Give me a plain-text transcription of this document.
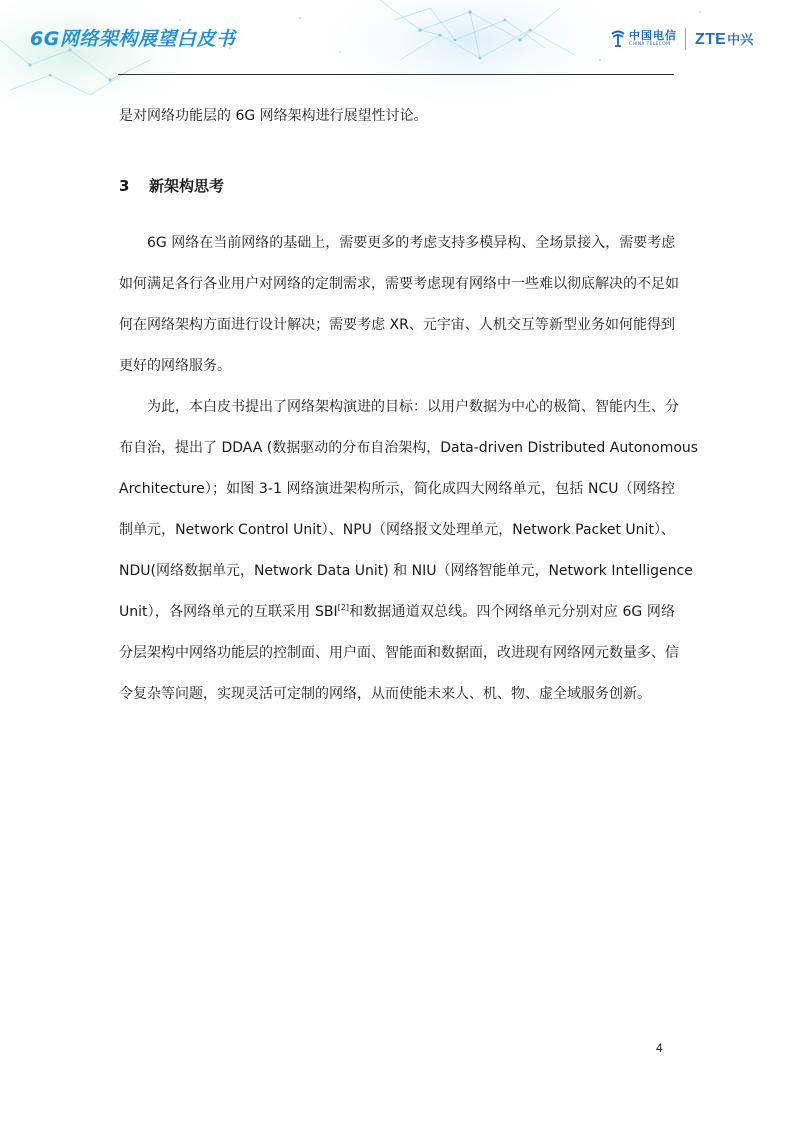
6G网络架构展望白皮书	中国电信
CHINA TELECOM	ZTE中兴

是对网络功能层的 6G 网络架构进行展望性讨论。

3 新架构思考
6G 网络在当前网络的基础上，需要更多的考虑支持多模异构、全场景接入，需要考虑
如何满足各行各业用户对网络的定制需求，需要考虑现有网络中一些难以彻底解决的不足如
何在网络架构方面进行设计解决；需要考虑 XR、元宇宙、人机交互等新型业务如何能得到
更好的网络服务。
为此，本白皮书提出了网络架构演进的目标：以用户数据为中心的极简、智能内生、分
布自治，提出了 DDAA (数据驱动的分布自治架构，Data-driven Distributed Autonomous
Architecture）；如图 3-1 网络演进架构所示，简化成四大网络单元，包括 NCU（网络控
制单元，Network Control Unit）、NPU（网络报文处理单元，Network Packet Unit）、
NDU(网络数据单元，Network Data Unit) 和 NIU（网络智能单元，Network Intelligence
Unit），各网络单元的互联采用 SBI[2]和数据通道双总线。四个网络单元分别对应 6G 网络
分层架构中网络功能层的控制面、用户面、智能面和数据面，改进现有网络网元数量多、信
令复杂等问题，实现灵活可定制的网络，从而使能未来人、机、物、虚全域服务创新。
4
